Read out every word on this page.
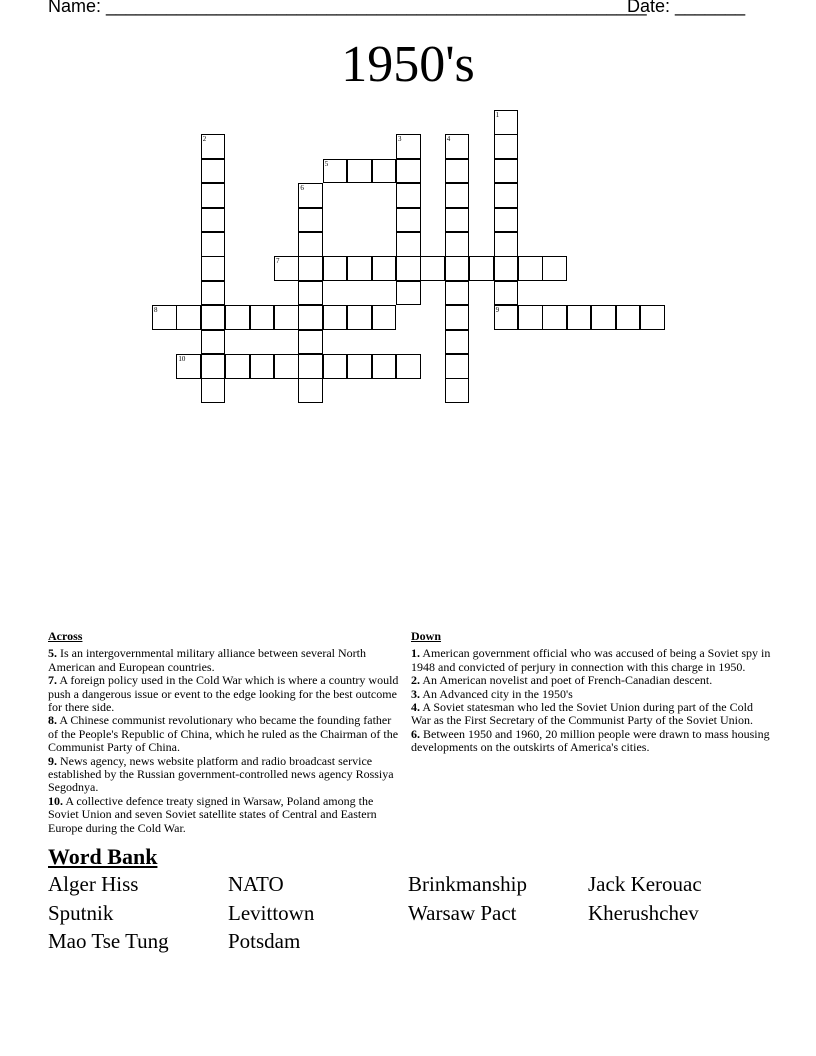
Name: ______________________________________________________
Date: _______
1950's
5
7
8	9
10
1
2	3	4
6
Across
5. Is an intergovernmental military alliance between several North American and European countries.
7. A foreign policy used in the Cold War which is where a country would push a dangerous issue or event to the edge looking for the best outcome for there side.
8. A Chinese communist revolutionary who became the founding father of the People's Republic of China, which he ruled as the Chairman of the Communist Party of China.
9. News agency, news website platform and radio broadcast service established by the Russian government-controlled news agency Rossiya Segodnya.
10. A collective defence treaty signed in Warsaw, Poland among the Soviet Union and seven Soviet satellite states of Central and Eastern Europe during the Cold War.
Down
1. American government official who was accused of being a Soviet spy in 1948 and convicted of perjury in connection with this charge in 1950.
2. An American novelist and poet of French-Canadian descent.
3. An Advanced city in the 1950's
4. A Soviet statesman who led the Soviet Union during part of the Cold War as the First Secretary of the Communist Party of the Soviet Union.
6. Between 1950 and 1960, 20 million people were drawn to mass housing developments on the outskirts of America's cities.
Word Bank
Alger Hiss	NATO	Brinkmanship	Jack Kerouac
Sputnik	Levittown	Warsaw Pact	Kherushchev
Mao Tse Tung	Potsdam
